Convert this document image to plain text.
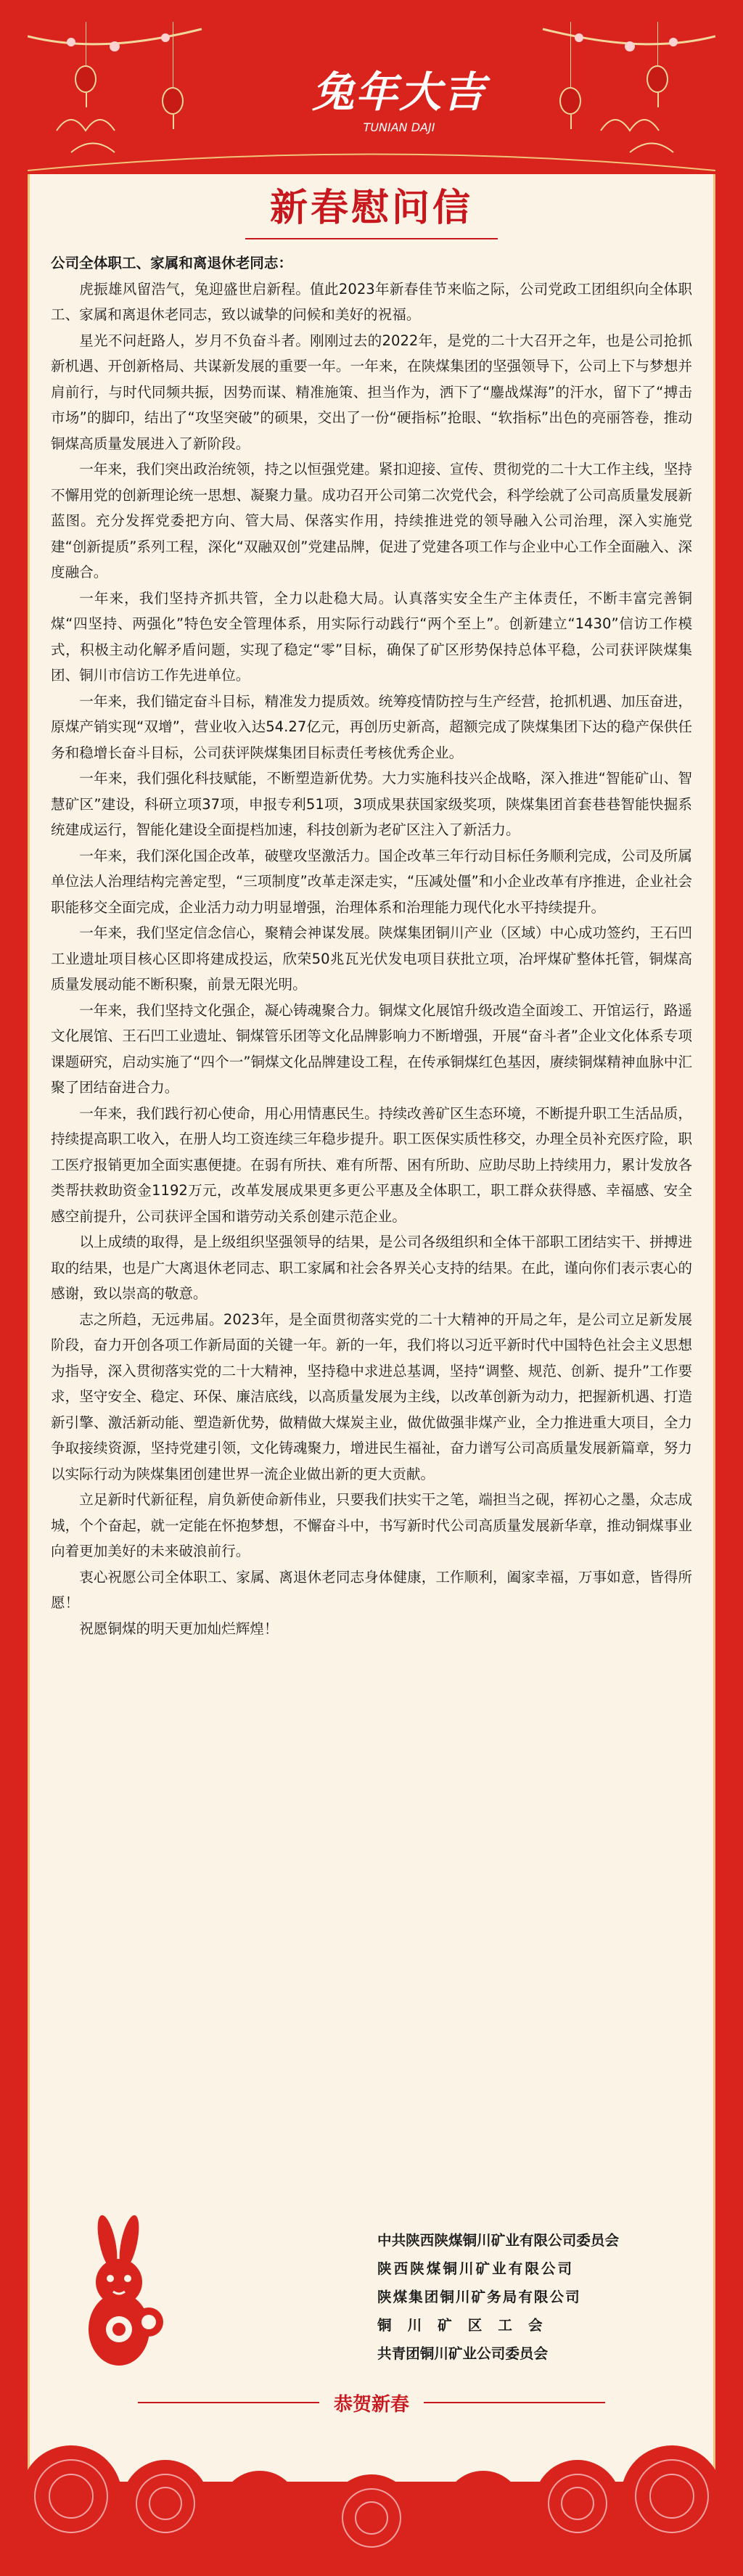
兔年大吉
TUNIAN DAJI
新春慰问信

公司全体职工、家属和离退休老同志：

虎振雄风留浩气，兔迎盛世启新程。值此2023年新春佳节来临之际，公司党政工团组织向全体职工、家属和离退休老同志，致以诚挚的问候和美好的祝福。

星光不问赶路人，岁月不负奋斗者。刚刚过去的2022年，是党的二十大召开之年，也是公司抢抓新机遇、开创新格局、共谋新发展的重要一年。一年来，在陕煤集团的坚强领导下，公司上下与梦想并肩前行，与时代同频共振，因势而谋、精准施策、担当作为，洒下了“鏖战煤海”的汗水，留下了“搏击市场”的脚印，结出了“攻坚突破”的硕果，交出了一份“硬指标”抢眼、“软指标”出色的亮丽答卷，推动铜煤高质量发展进入了新阶段。

一年来，我们突出政治统领，持之以恒强党建。紧扣迎接、宣传、贯彻党的二十大工作主线，坚持不懈用党的创新理论统一思想、凝聚力量。成功召开公司第二次党代会，科学绘就了公司高质量发展新蓝图。充分发挥党委把方向、管大局、保落实作用，持续推进党的领导融入公司治理，深入实施党建“创新提质”系列工程，深化“双融双创”党建品牌，促进了党建各项工作与企业中心工作全面融入、深度融合。

一年来，我们坚持齐抓共管，全力以赴稳大局。认真落实安全生产主体责任，不断丰富完善铜煤“四坚持、两强化”特色安全管理体系，用实际行动践行“两个至上”。创新建立“1430”信访工作模式，积极主动化解矛盾问题，实现了稳定“零”目标，确保了矿区形势保持总体平稳，公司获评陕煤集团、铜川市信访工作先进单位。

一年来，我们锚定奋斗目标，精准发力提质效。统筹疫情防控与生产经营，抢抓机遇、加压奋进，原煤产销实现“双增”，营业收入达54.27亿元，再创历史新高，超额完成了陕煤集团下达的稳产保供任务和稳增长奋斗目标，公司获评陕煤集团目标责任考核优秀企业。

一年来，我们强化科技赋能，不断塑造新优势。大力实施科技兴企战略，深入推进“智能矿山、智慧矿区”建设，科研立项37项，申报专利51项，3项成果获国家级奖项，陕煤集团首套巷巷智能快掘系统建成运行，智能化建设全面提档加速，科技创新为老矿区注入了新活力。

一年来，我们深化国企改革，破壁攻坚激活力。国企改革三年行动目标任务顺利完成，公司及所属单位法人治理结构完善定型，“三项制度”改革走深走实，“压减处僵”和小企业改革有序推进，企业社会职能移交全面完成，企业活力动力明显增强，治理体系和治理能力现代化水平持续提升。

一年来，我们坚定信念信心，聚精会神谋发展。陕煤集团铜川产业（区域）中心成功签约，王石凹工业遗址项目核心区即将建成投运，欣荣50兆瓦光伏发电项目获批立项，冶坪煤矿整体托管，铜煤高质量发展动能不断积聚，前景无限光明。

一年来，我们坚持文化强企，凝心铸魂聚合力。铜煤文化展馆升级改造全面竣工、开馆运行，路遥文化展馆、王石凹工业遗址、铜煤管乐团等文化品牌影响力不断增强，开展“奋斗者”企业文化体系专项课题研究，启动实施了“四个一”铜煤文化品牌建设工程，在传承铜煤红色基因，赓续铜煤精神血脉中汇聚了团结奋进合力。

一年来，我们践行初心使命，用心用情惠民生。持续改善矿区生态环境，不断提升职工生活品质，持续提高职工收入，在册人均工资连续三年稳步提升。职工医保实质性移交，办理全员补充医疗险，职工医疗报销更加全面实惠便捷。在弱有所扶、难有所帮、困有所助、应助尽助上持续用力，累计发放各类帮扶救助资金1192万元，改革发展成果更多更公平惠及全体职工，职工群众获得感、幸福感、安全感空前提升，公司获评全国和谐劳动关系创建示范企业。

以上成绩的取得，是上级组织坚强领导的结果，是公司各级组织和全体干部职工团结实干、拼搏进取的结果，也是广大离退休老同志、职工家属和社会各界关心支持的结果。在此，谨向你们表示衷心的感谢，致以崇高的敬意。

志之所趋，无远弗届。2023年，是全面贯彻落实党的二十大精神的开局之年，是公司立足新发展阶段，奋力开创各项工作新局面的关键一年。新的一年，我们将以习近平新时代中国特色社会主义思想为指导，深入贯彻落实党的二十大精神，坚持稳中求进总基调，坚持“调整、规范、创新、提升”工作要求，坚守安全、稳定、环保、廉洁底线，以高质量发展为主线，以改革创新为动力，把握新机遇、打造新引擎、激活新动能、塑造新优势，做精做大煤炭主业，做优做强非煤产业，全力推进重大项目，全力争取接续资源，坚持党建引领，文化铸魂聚力，增进民生福祉，奋力谱写公司高质量发展新篇章，努力以实际行动为陕煤集团创建世界一流企业做出新的更大贡献。

立足新时代新征程，肩负新使命新伟业，只要我们扶实干之笔，端担当之砚，挥初心之墨，众志成城，个个奋起，就一定能在怀抱梦想，不懈奋斗中，书写新时代公司高质量发展新华章，推动铜煤事业向着更加美好的未来破浪前行。

衷心祝愿公司全体职工、家属、离退休老同志身体健康，工作顺利，阖家幸福，万事如意，皆得所愿！

祝愿铜煤的明天更加灿烂辉煌！

中共陕西陕煤铜川矿业有限公司委员会
陕西陕煤铜川矿业有限公司
陕煤集团铜川矿务局有限公司
铜川矿区工会
共青团铜川矿业公司委员会
恭贺新春
